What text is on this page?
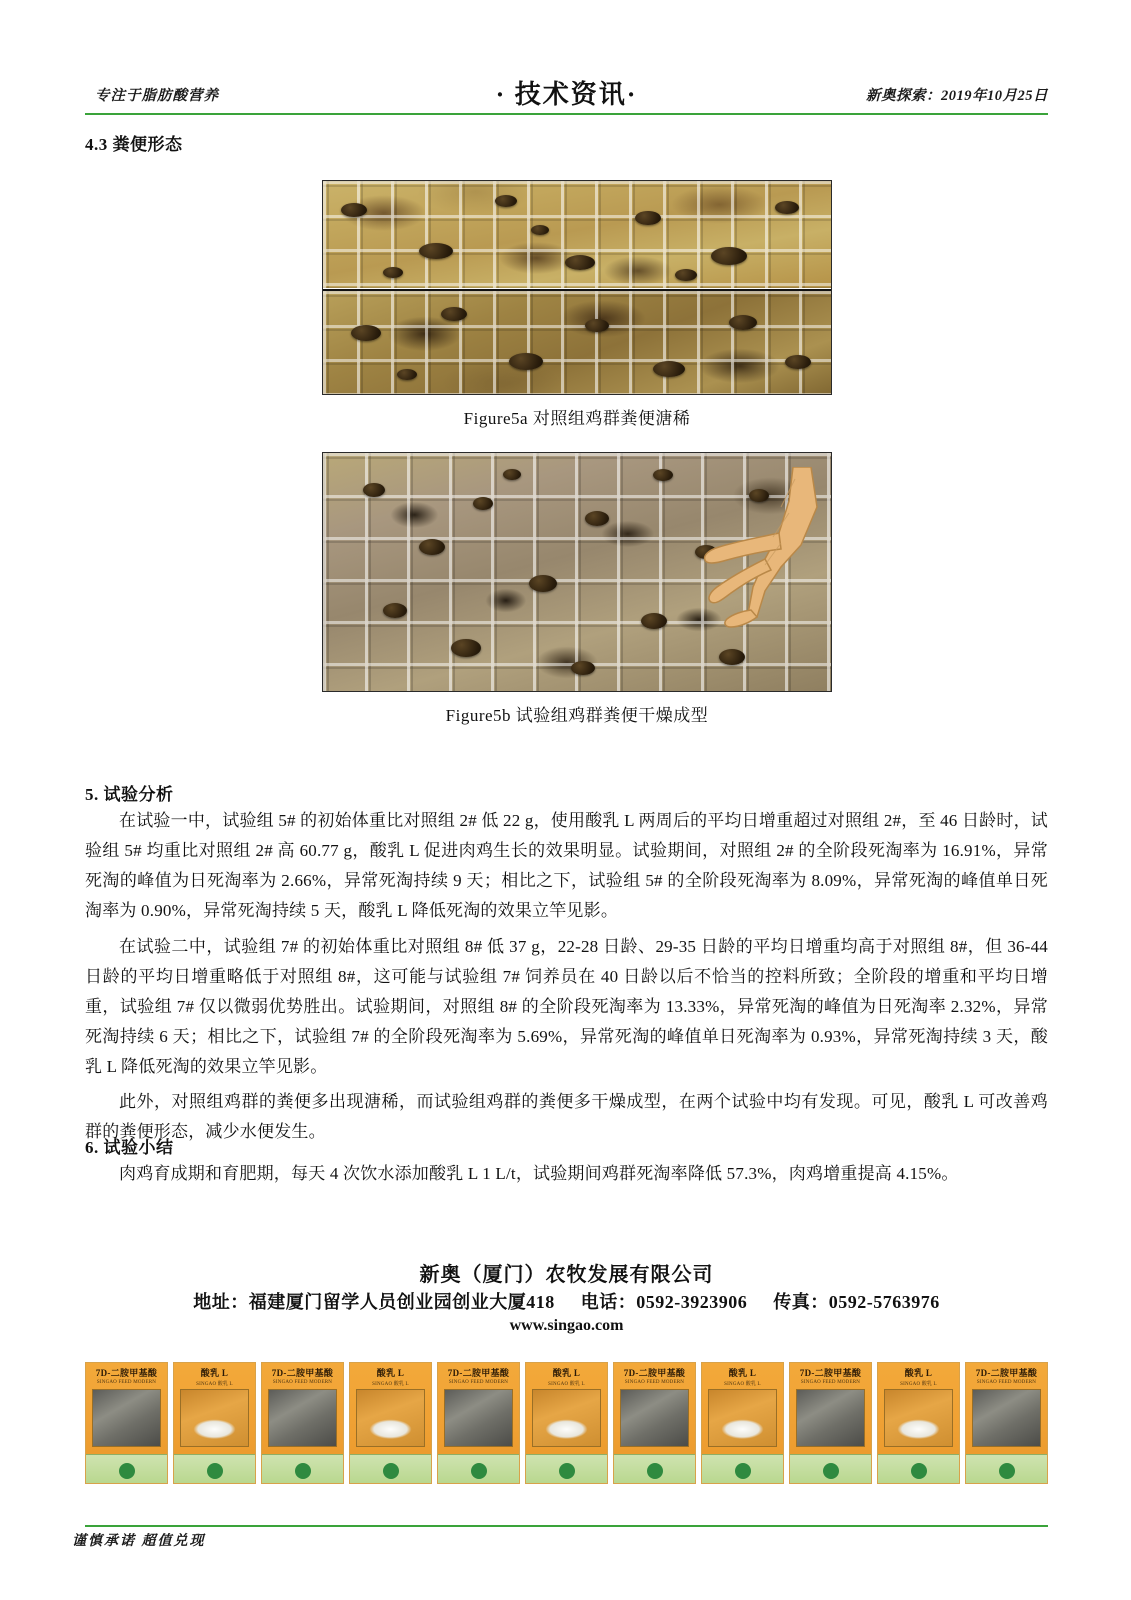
专注于脂肪酸营养	· 技术资讯·	新奥探索：2019年10月25日
4.3 粪便形态
Figure5a 对照组鸡群粪便溏稀
Figure5b 试验组鸡群粪便干燥成型
5. 试验分析

在试验一中，试验组 5# 的初始体重比对照组 2# 低 22 g，使用酸乳 L 两周后的平均日增重超过对照组 2#，至 46 日龄时，试验组 5# 均重比对照组 2# 高 60.77 g，酸乳 L 促进肉鸡生长的效果明显。试验期间，对照组 2# 的全阶段死淘率为 16.91%，异常死淘的峰值为日死淘率为 2.66%，异常死淘持续 9 天；相比之下，试验组 5# 的全阶段死淘率为 8.09%，异常死淘的峰值单日死淘率为 0.90%，异常死淘持续 5 天，酸乳 L 降低死淘的效果立竿见影。

在试验二中，试验组 7# 的初始体重比对照组 8# 低 37 g，22-28 日龄、29-35 日龄的平均日增重均高于对照组 8#，但 36-44 日龄的平均日增重略低于对照组 8#，这可能与试验组 7# 饲养员在 40 日龄以后不恰当的控料所致；全阶段的增重和平均日增重，试验组 7# 仅以微弱优势胜出。试验期间，对照组 8# 的全阶段死淘率为 13.33%，异常死淘的峰值为日死淘率 2.32%，异常死淘持续 6 天；相比之下，试验组 7# 的全阶段死淘率为 5.69%，异常死淘的峰值单日死淘率为 0.93%，异常死淘持续 3 天，酸乳 L 降低死淘的效果立竿见影。

此外，对照组鸡群的粪便多出现溏稀，而试验组鸡群的粪便多干燥成型，在两个试验中均有发现。可见，酸乳 L 可改善鸡群的粪便形态，减少水便发生。

6. 试验小结

肉鸡育成期和育肥期，每天 4 次饮水添加酸乳 L 1 L/t，试验期间鸡群死淘率降低 57.3%，肉鸡增重提高 4.15%。

新奥（厦门）农牧发展有限公司
地址：福建厦门留学人员创业园创业大厦418 电话：0592-3923906 传真：0592-5763976
www.singao.com
7D-二胺甲基酸
SINGAO FEED MODERN
酸乳 L
SINGAO 酸乳 L
7D-二胺甲基酸
SINGAO FEED MODERN
酸乳 L
SINGAO 酸乳 L
7D-二胺甲基酸
SINGAO FEED MODERN
酸乳 L
SINGAO 酸乳 L
7D-二胺甲基酸
SINGAO FEED MODERN
酸乳 L
SINGAO 酸乳 L
7D-二胺甲基酸
SINGAO FEED MODERN
酸乳 L
SINGAO 酸乳 L
7D-二胺甲基酸
SINGAO FEED MODERN
谨慎承诺 超值兑现
